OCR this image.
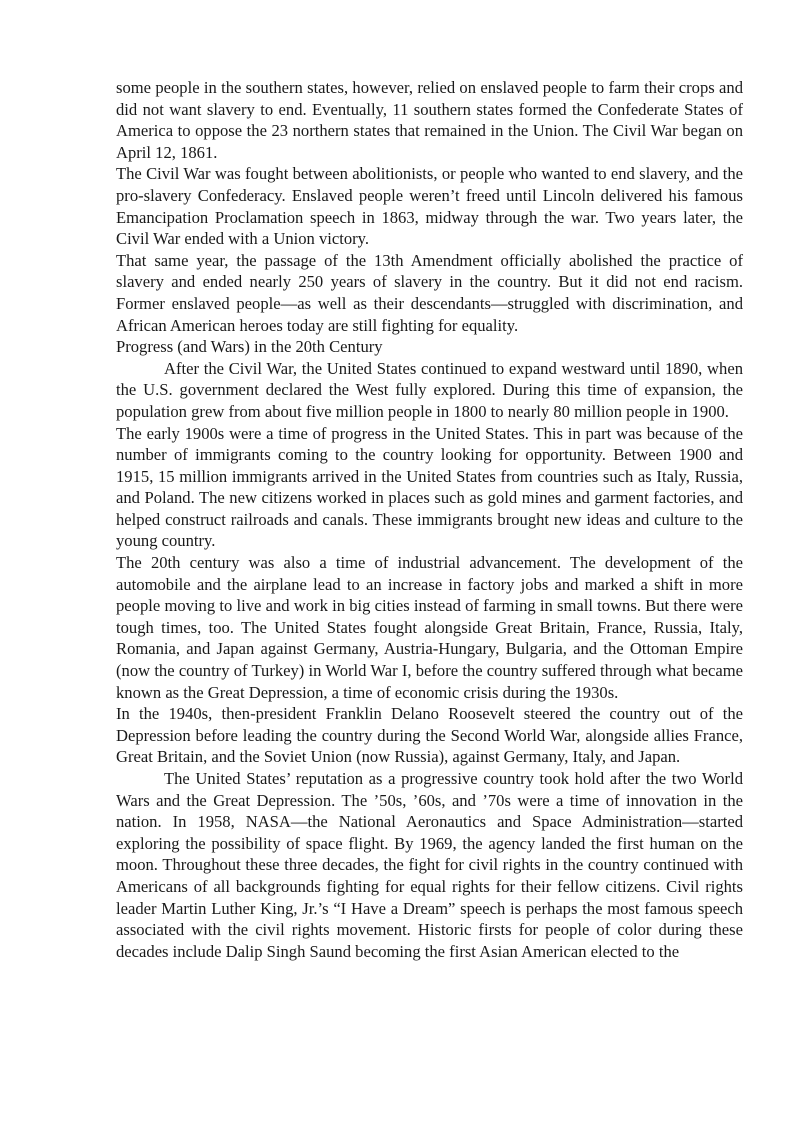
some people in the southern states, however, relied on enslaved people to farm their crops and did not want slavery to end. Eventually, 11 southern states formed the Confederate States of America to oppose the 23 northern states that remained in the Union. The Civil War began on April 12, 1861.

The Civil War was fought between abolitionists, or people who wanted to end slavery, and the pro-slavery Confederacy. Enslaved people weren’t freed until Lincoln delivered his famous Emancipation Proclamation speech in 1863, midway through the war. Two years later, the Civil War ended with a Union victory.

That same year, the passage of the 13th Amendment officially abolished the practice of slavery and ended nearly 250 years of slavery in the country. But it did not end racism. Former enslaved people—as well as their descendants—struggled with discrimination, and African American heroes today are still fighting for equality.

Progress (and Wars) in the 20th Century

After the Civil War, the United States continued to expand westward until 1890, when the U.S. government declared the West fully explored. During this time of expansion, the population grew from about five million people in 1800 to nearly 80 million people in 1900.

The early 1900s were a time of progress in the United States. This in part was because of the number of immigrants coming to the country looking for opportunity. Between 1900 and 1915, 15 million immigrants arrived in the United States from countries such as Italy, Russia, and Poland. The new citizens worked in places such as gold mines and garment factories, and helped construct railroads and canals. These immigrants brought new ideas and culture to the young country.

The 20th century was also a time of industrial advancement. The development of the automobile and the airplane lead to an increase in factory jobs and marked a shift in more people moving to live and work in big cities instead of farming in small towns. But there were tough times, too. The United States fought alongside Great Britain, France, Russia, Italy, Romania, and Japan against Germany, Austria-Hungary, Bulgaria, and the Ottoman Empire (now the country of Turkey) in World War I, before the country suffered through what became known as the Great Depression, a time of economic crisis during the 1930s.

In the 1940s, then-president Franklin Delano Roosevelt steered the country out of the Depression before leading the country during the Second World War, alongside allies France, Great Britain, and the Soviet Union (now Russia), against Germany, Italy, and Japan.

The United States’ reputation as a progressive country took hold after the two World Wars and the Great Depression. The ’50s, ’60s, and ’70s were a time of innovation in the nation. In 1958, NASA—the National Aeronautics and Space Administration—started exploring the possibility of space flight. By 1969, the agency landed the first human on the moon. Throughout these three decades, the fight for civil rights in the country continued with Americans of all backgrounds fighting for equal rights for their fellow citizens. Civil rights leader Martin Luther King, Jr.’s “I Have a Dream” speech is perhaps the most famous speech associated with the civil rights movement. Historic firsts for people of color during these decades include Dalip Singh Saund becoming the first Asian American elected to the
